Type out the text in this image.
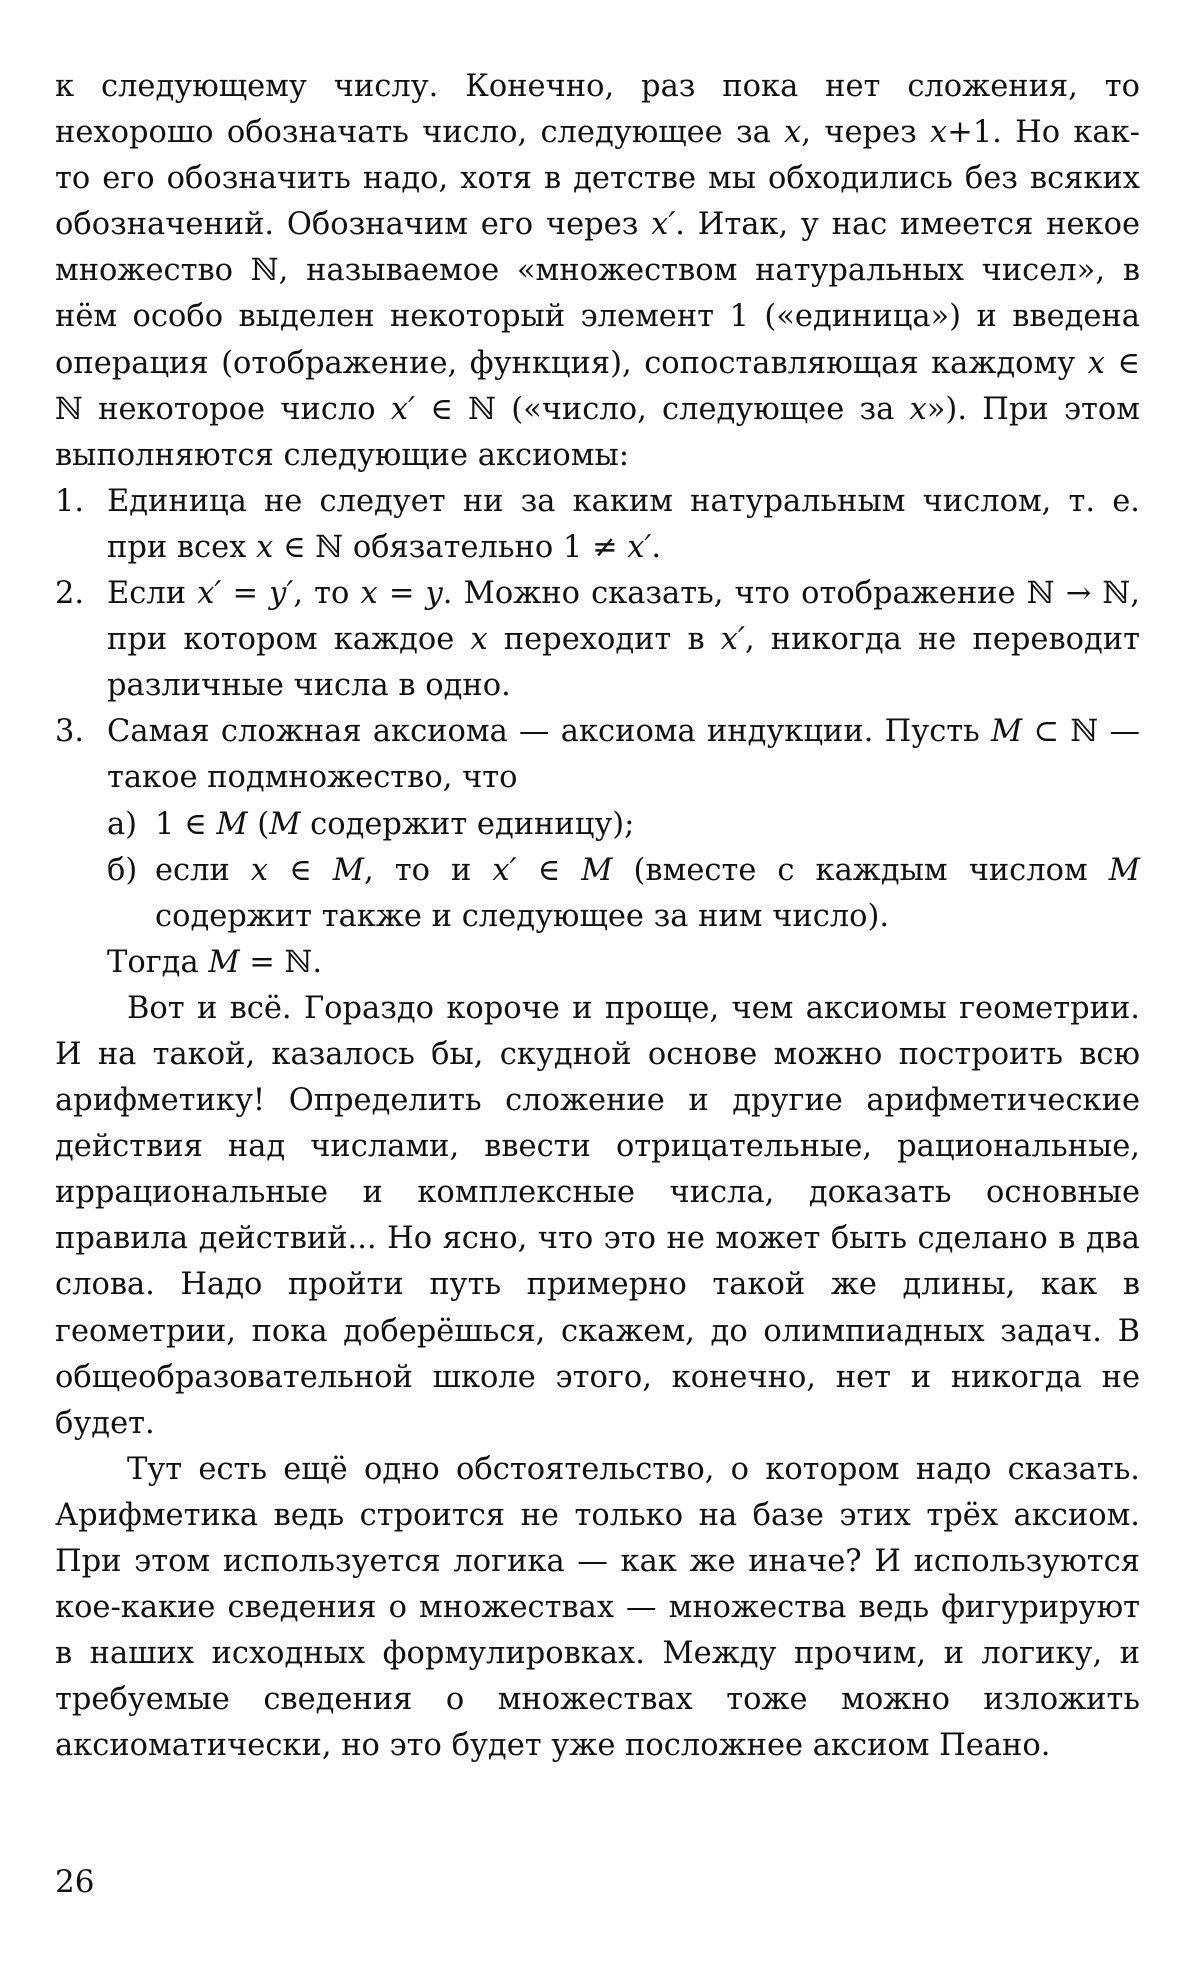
к следующему числу. Конечно, раз пока нет сложения, то нехорошо обозначать число, следующее за x, через x+1. Но как-то его обозначить надо, хотя в детстве мы обходились без всяких обозначений. Обозначим его через x′. Итак, у нас имеется некое множество ℕ, называемое «множеством натуральных чисел», в нём особо выделен некоторый элемент 1 («единица») и введена операция (отображение, функция), сопоставляющая каждому x ∈ ℕ некоторое число x′ ∈ ℕ («число, следующее за x»). При этом выполняются следующие аксиомы:

1. Единица не следует ни за каким натуральным числом, т. е. при всех x ∈ ℕ обязательно 1 ≠ x′.
2. Если x′ = y′, то x = y. Можно сказать, что отображение ℕ → ℕ, при котором каждое x переходит в x′, никогда не переводит различные числа в одно.
3. Самая сложная аксиома — аксиома индукции. Пусть M ⊂ ℕ — такое подмножество, что

а) 1 ∈ M (M содержит единицу);
б) если x ∈ M, то и x′ ∈ M (вместе с каждым числом M содержит также и следующее за ним число).

Тогда M = ℕ.

Вот и всё. Гораздо короче и проще, чем аксиомы геометрии. И на такой, казалось бы, скудной основе можно построить всю арифметику! Определить сложение и другие арифметические действия над числами, ввести отрицательные, рациональные, иррациональные и комплексные числа, доказать основные правила действий... Но ясно, что это не может быть сделано в два слова. Надо пройти путь примерно такой же длины, как в геометрии, пока доберёшься, скажем, до олимпиадных задач. В общеобразовательной школе этого, конечно, нет и никогда не будет.

Тут есть ещё одно обстоятельство, о котором надо сказать. Арифметика ведь строится не только на базе этих трёх аксиом. При этом используется логика — как же иначе? И используются кое-какие сведения о множествах — множества ведь фигурируют в наших исходных формулировках. Между прочим, и логику, и требуемые сведения о множествах тоже можно изложить аксиоматически, но это будет уже посложнее аксиом Пеано.

26
